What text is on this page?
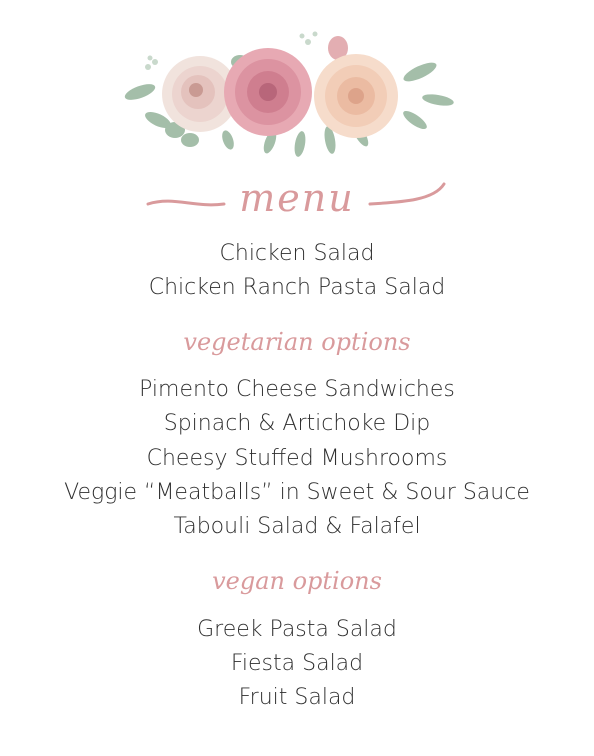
menu
Chicken Salad
Chicken Ranch Pasta Salad
vegetarian options
Pimento Cheese Sandwiches
Spinach & Artichoke Dip
Cheesy Stuffed Mushrooms
Veggie “Meatballs” in Sweet & Sour Sauce
Tabouli Salad & Falafel
vegan options
Greek Pasta Salad
Fiesta Salad
Fruit Salad
